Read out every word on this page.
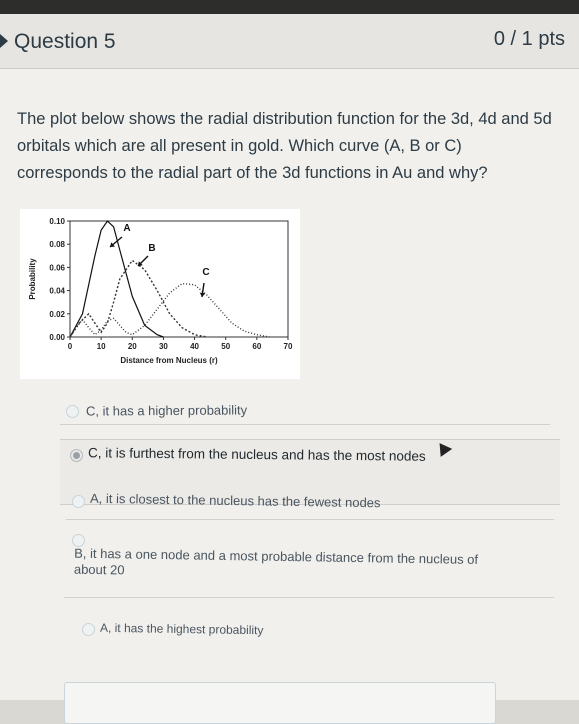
Question 5	0 / 1 pts
The plot below shows the radial distribution function for the 3d, 4d and 5d orbitals which are all present in gold. Which curve (A, B or C) corresponds to the radial part of the 3d functions in Au and why?
0.00
0.02
0.04
0.06
0.08
0.10
0	10	20	30	40	50	60	70
Probability
Distance from Nucleus (r)
A
B
C
C, it has a higher probability
C, it is furthest from the nucleus and has the most nodes
A, it is closest to the nucleus has the fewest nodes
B, it has a one node and a most probable distance from the nucleus of about 20
A, it has the highest probability
